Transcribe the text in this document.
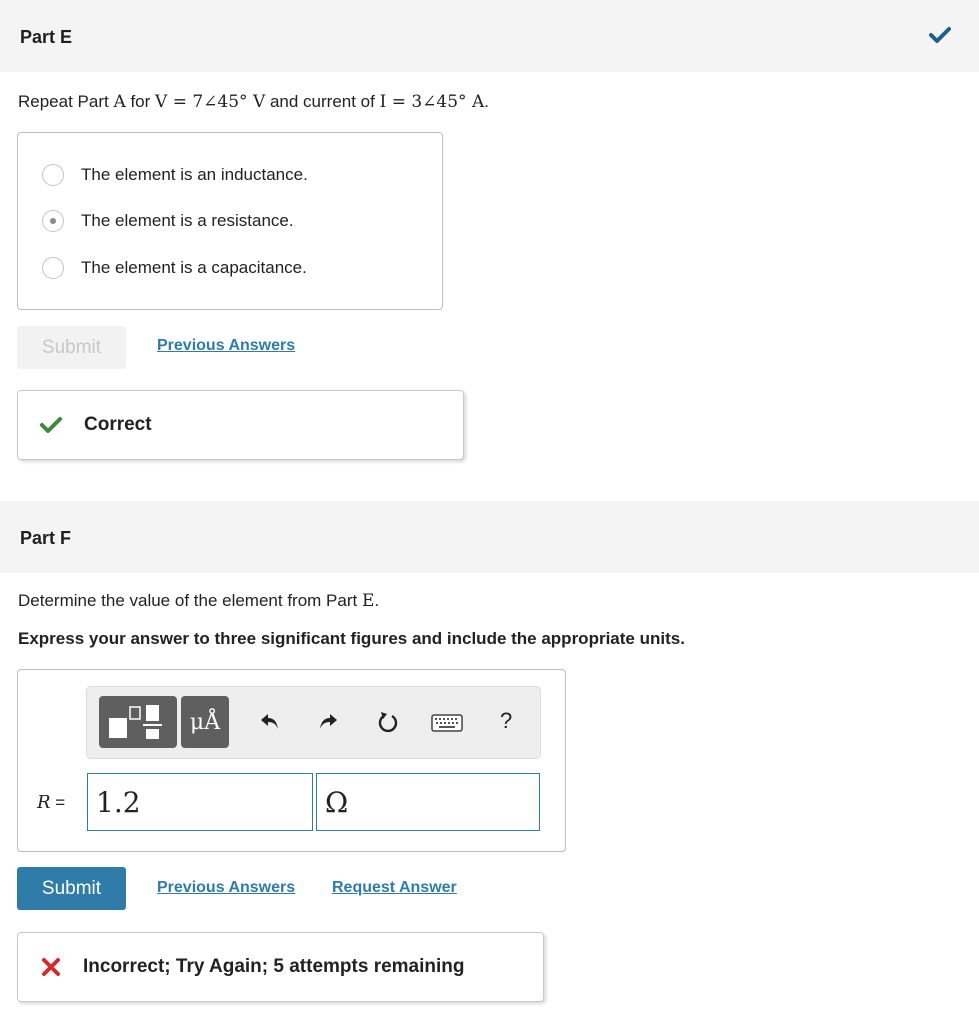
Part E
Repeat Part A for V = 7∠45° V and current of I = 3∠45° A.
The element is an inductance.
The element is a resistance.
The element is a capacitance.
Submit	Previous Answers
Correct
Part F
Determine the value of the element from Part E.
Express your answer to three significant figures and include the appropriate units.
μÅ	?
R =
1.2
Ω
Submit	Previous Answers Request Answer
Incorrect; Try Again; 5 attempts remaining
